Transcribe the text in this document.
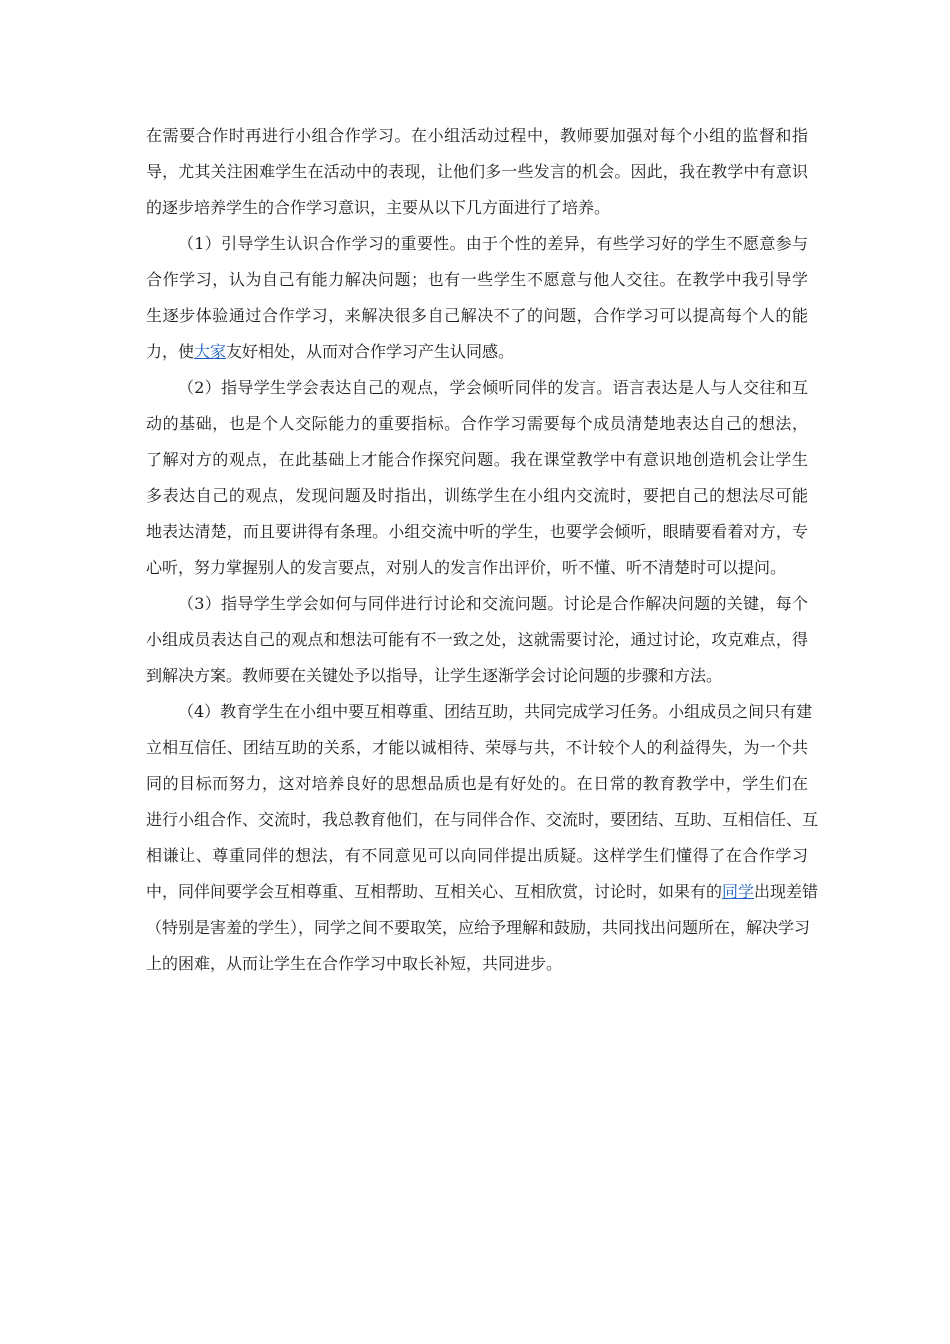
在需要合作时再进行小组合作学习。在小组活动过程中，教师要加强对每个小组的监督和指
导，尤其关注困难学生在活动中的表现，让他们多一些发言的机会。因此，我在教学中有意识
的逐步培养学生的合作学习意识，主要从以下几方面进行了培养。
（1）引导学生认识合作学习的重要性。由于个性的差异，有些学习好的学生不愿意参与
合作学习，认为自己有能力解决问题；也有一些学生不愿意与他人交往。在教学中我引导学
生逐步体验通过合作学习，来解决很多自己解决不了的问题，合作学习可以提高每个人的能
力，使大家友好相处，从而对合作学习产生认同感。
（2）指导学生学会表达自己的观点，学会倾听同伴的发言。语言表达是人与人交往和互
动的基础，也是个人交际能力的重要指标。合作学习需要每个成员清楚地表达自己的想法，
了解对方的观点，在此基础上才能合作探究问题。我在课堂教学中有意识地创造机会让学生
多表达自己的观点，发现问题及时指出，训练学生在小组内交流时，要把自己的想法尽可能
地表达清楚，而且要讲得有条理。小组交流中听的学生，也要学会倾听，眼睛要看着对方，专
心听，努力掌握别人的发言要点，对别人的发言作出评价，听不懂、听不清楚时可以提问。
（3）指导学生学会如何与同伴进行讨论和交流问题。讨论是合作解决问题的关键，每个
小组成员表达自己的观点和想法可能有不一致之处，这就需要讨沦，通过讨论，攻克难点，得
到解决方案。教师要在关键处予以指导，让学生逐渐学会讨论问题的步骤和方法。
（4）教育学生在小组中要互相尊重、团结互助，共同完成学习任务。小组成员之间只有建
立相互信任、团结互助的关系，才能以诚相待、荣辱与共，不计较个人的利益得失，为一个共
同的目标而努力，这对培养良好的思想品质也是有好处的。在日常的教育教学中，学生们在
进行小组合作、交流时，我总教育他们，在与同伴合作、交流时，要团结、互助、互相信任、互
相谦让、尊重同伴的想法，有不同意见可以向同伴提出质疑。这样学生们懂得了在合作学习
中，同伴间要学会互相尊重、互相帮助、互相关心、互相欣赏，讨论时，如果有的同学出现差错
（特别是害羞的学生），同学之间不要取笑，应给予理解和鼓励，共同找出问题所在，解决学习
上的困难，从而让学生在合作学习中取长补短，共同进步。
